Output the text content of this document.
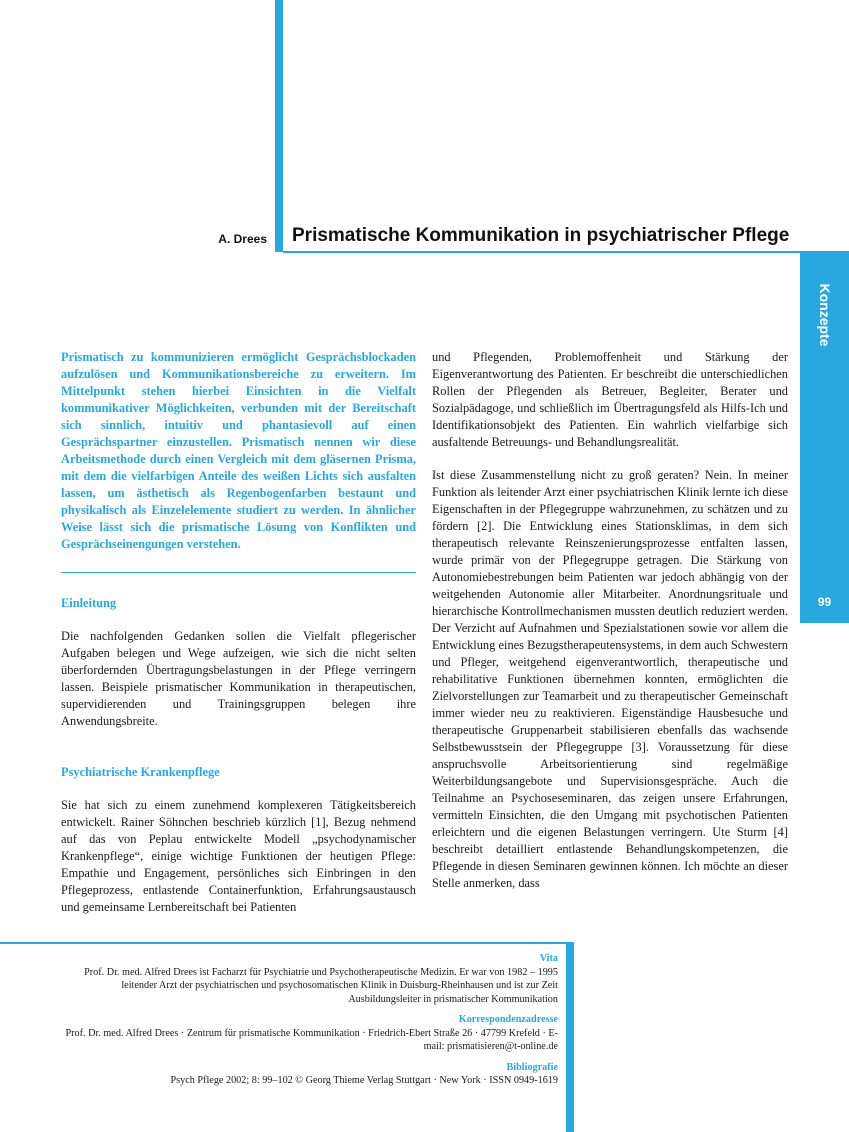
A. Drees Prismatische Kommunikation in psychiatrischer Pflege
Konzepte
99

Prismatisch zu kommunizieren ermöglicht Gesprächsblockaden aufzulösen und Kommunikationsbereiche zu erweitern. Im Mittelpunkt stehen hierbei Einsichten in die Vielfalt kommunikativer Möglichkeiten, verbunden mit der Bereitschaft sich sinnlich, intuitiv und phantasievoll auf einen Gesprächspartner einzustellen. Prismatisch nennen wir diese Arbeitsmethode durch einen Vergleich mit dem gläsernen Prisma, mit dem die vielfarbigen Anteile des weißen Lichts sich ausfalten lassen, um ästhetisch als Regenbogenfarben bestaunt und physikalisch als Einzelelemente studiert zu werden. In ähnlicher Weise lässt sich die prismatische Lösung von Konflikten und Gesprächseinengungen verstehen.

Einleitung

Die nachfolgenden Gedanken sollen die Vielfalt pflegerischer Aufgaben belegen und Wege aufzeigen, wie sich die nicht selten überfordernden Übertragungsbelastungen in der Pflege verringern lassen. Beispiele prismatischer Kommunikation in therapeutischen, supervidierenden und Trainingsgruppen belegen ihre Anwendungsbreite.

Psychiatrische Krankenpflege

Sie hat sich zu einem zunehmend komplexeren Tätigkeitsbereich entwickelt. Rainer Söhnchen beschrieb kürzlich [1], Bezug nehmend auf das von Peplau entwickelte Modell „psychodynamischer Krankenpflege“, einige wichtige Funktionen der heutigen Pflege: Empathie und Engagement, persönliches sich Einbringen in den Pflegeprozess, entlastende Containerfunktion, Erfahrungsaustausch und gemeinsame Lernbereitschaft bei Patienten

und Pflegenden, Problemoffenheit und Stärkung der Eigenverantwortung des Patienten. Er beschreibt die unterschiedlichen Rollen der Pflegenden als Betreuer, Begleiter, Berater und Sozialpädagoge, und schließlich im Übertragungsfeld als Hilfs-Ich und Identifikationsobjekt des Patienten. Ein wahrlich vielfarbige sich ausfaltende Betreuungs- und Behandlungsrealität.

Ist diese Zusammenstellung nicht zu groß geraten? Nein. In meiner Funktion als leitender Arzt einer psychiatrischen Klinik lernte ich diese Eigenschaften in der Pflegegruppe wahrzunehmen, zu schätzen und zu fördern [2]. Die Entwicklung eines Stationsklimas, in dem sich therapeutisch relevante Reinszenierungsprozesse entfalten lassen, wurde primär von der Pflegegruppe getragen. Die Stärkung von Autonomiebestrebungen beim Patienten war jedoch abhängig von der weitgehenden Autonomie aller Mitarbeiter. Anordnungsrituale und hierarchische Kontrollmechanismen mussten deutlich reduziert werden. Der Verzicht auf Aufnahmen und Spezialstationen sowie vor allem die Entwicklung eines Bezugstherapeutensystems, in dem auch Schwestern und Pfleger, weitgehend eigenverantwortlich, therapeutische und rehabilitative Funktionen übernehmen konnten, ermöglichten die Zielvorstellungen zur Teamarbeit und zu therapeutischer Gemeinschaft immer wieder neu zu reaktivieren. Eigenständige Hausbesuche und therapeutische Gruppenarbeit stabilisieren ebenfalls das wachsende Selbstbewusstsein der Pflegegruppe [3]. Voraussetzung für diese anspruchsvolle Arbeitsorientierung sind regelmäßige Weiterbildungsangebote und Supervisionsgespräche. Auch die Teilnahme an Psychoseseminaren, das zeigen unsere Erfahrungen, vermitteln Einsichten, die den Umgang mit psychotischen Patienten erleichtern und die eigenen Belastungen verringern. Ute Sturm [4] beschreibt detailliert entlastende Behandlungskompetenzen, die Pflegende in diesen Seminaren gewinnen können. Ich möchte an dieser Stelle anmerken, dass

Vita
Prof. Dr. med. Alfred Drees ist Facharzt für Psychiatrie und Psychotherapeutische Medizin. Er war von 1982 – 1995 leitender Arzt der psychiatrischen und psychosomatischen Klinik in Duisburg-Rheinhausen und ist zur Zeit Ausbildungsleiter in prismatischer Kommunikation
Korrespondenzadresse
Prof. Dr. med. Alfred Drees · Zentrum für prismatische Kommunikation · Friedrich-Ebert Straße 26 · 47799 Krefeld · E-mail: prismatisieren@t-online.de
Bibliografie
Psych Pflege 2002; 8: 99–102 © Georg Thieme Verlag Stuttgart · New York · ISSN 0949-1619
